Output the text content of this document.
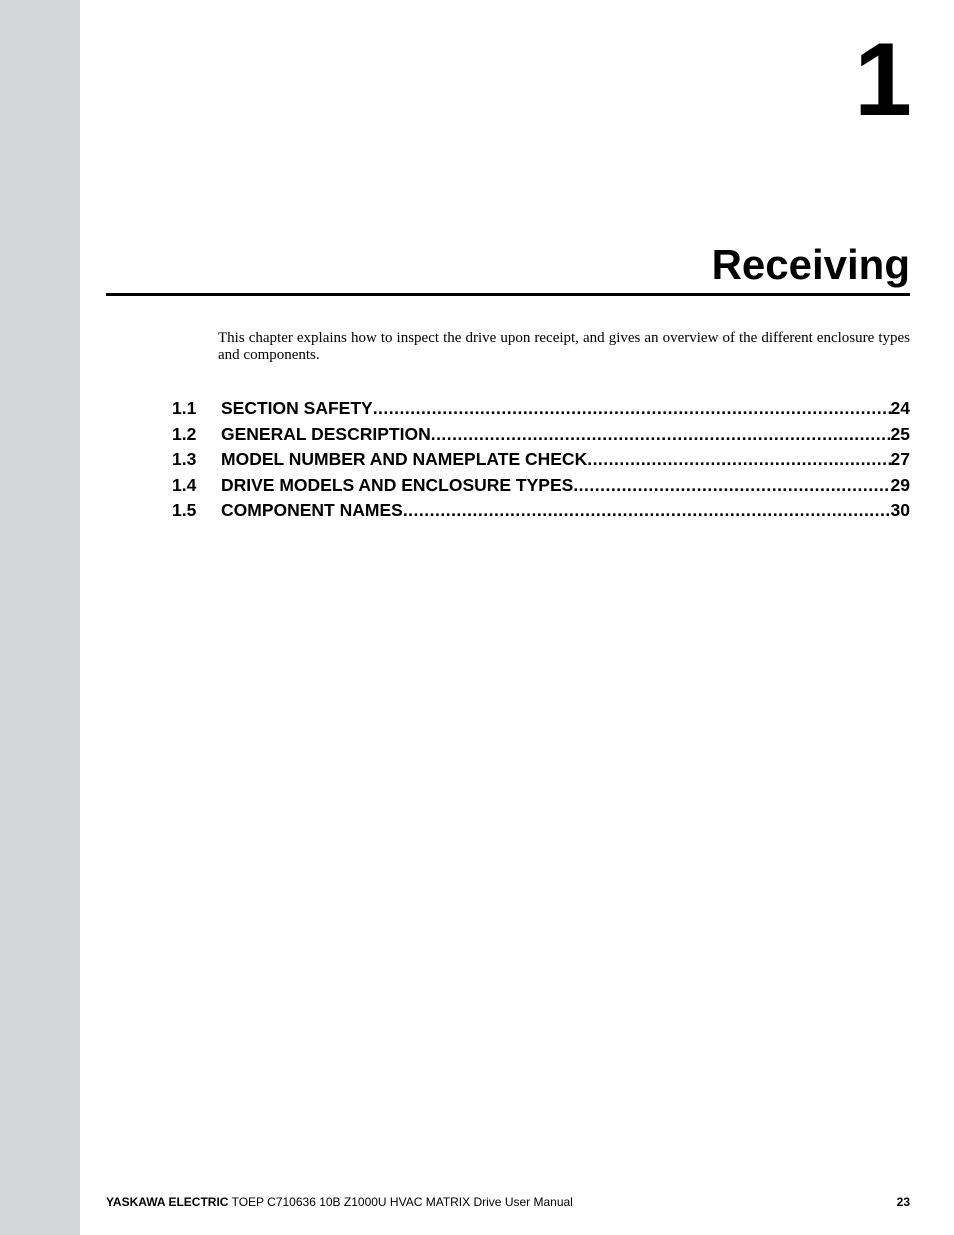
1
Receiving
This chapter explains how to inspect the drive upon receipt, and gives an overview of the different enclosure types and components.
1.1	SECTION SAFETY .....	24
1.2	GENERAL DESCRIPTION .....	25
1.3	MODEL NUMBER AND NAMEPLATE CHECK .....	27
1.4	DRIVE MODELS AND ENCLOSURE TYPES .....	29
1.5	COMPONENT NAMES .....	30
YASKAWA ELECTRIC TOEP C710636 10B Z1000U HVAC MATRIX Drive User Manual	23
